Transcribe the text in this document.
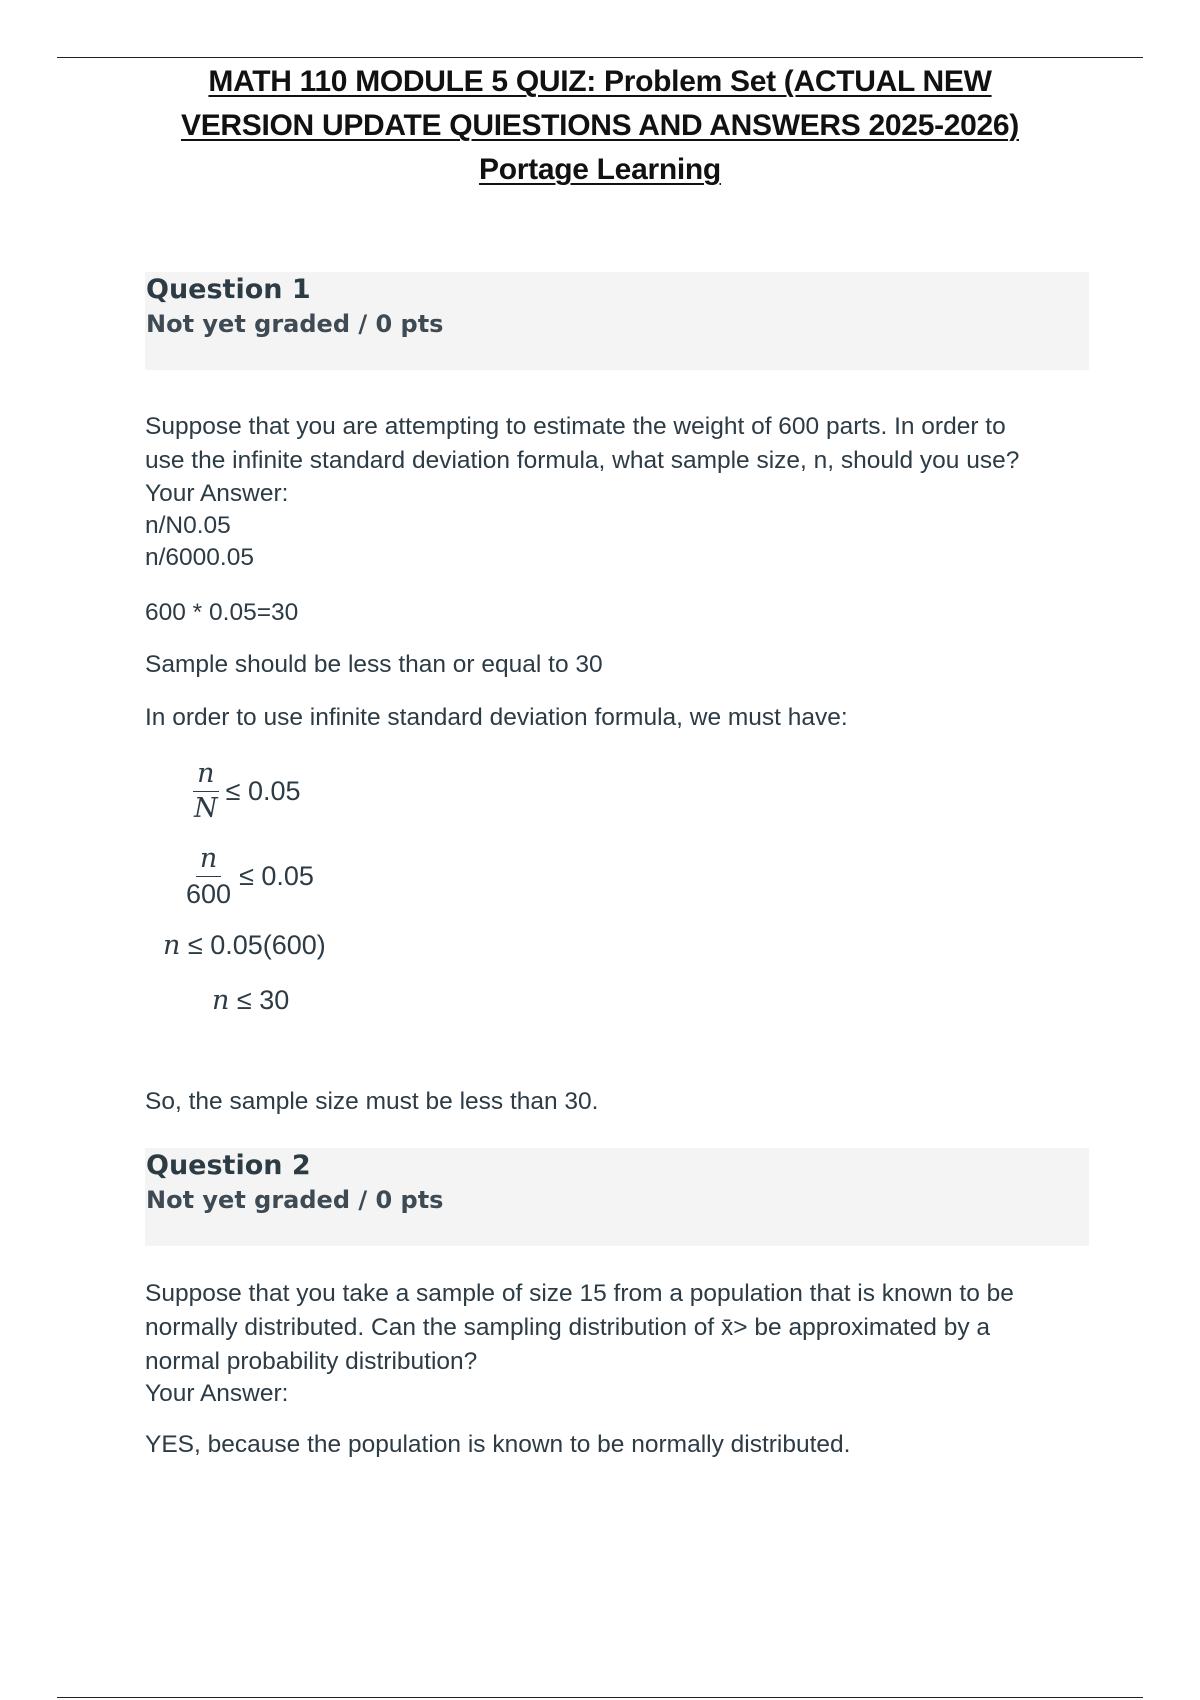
MATH 110 MODULE 5 QUIZ: Problem Set (ACTUAL NEW
VERSION UPDATE QUIESTIONS AND ANSWERS 2025-2026)
Portage Learning
Question 1
Not yet graded / 0 pts
Suppose that you are attempting to estimate the weight of 600 parts. In order to
use the infinite standard deviation formula, what sample size, n, should you use?
Your Answer:
n/N0.05
n/6000.05
600 * 0.05=30
Sample should be less than or equal to 30
In order to use infinite standard deviation formula, we must have:
$\frac{n}{N} \le 0.05$
$\frac{n}{600} \le 0.05$
n ≤ 0.05(600)
n ≤ 30
So, the sample size must be less than 30.
Question 2
Not yet graded / 0 pts
Suppose that you take a sample of size 15 from a population that is known to be
normally distributed. Can the sampling distribution of x̄> be approximated by a
normal probability distribution?
Your Answer:
YES, because the population is known to be normally distributed.
